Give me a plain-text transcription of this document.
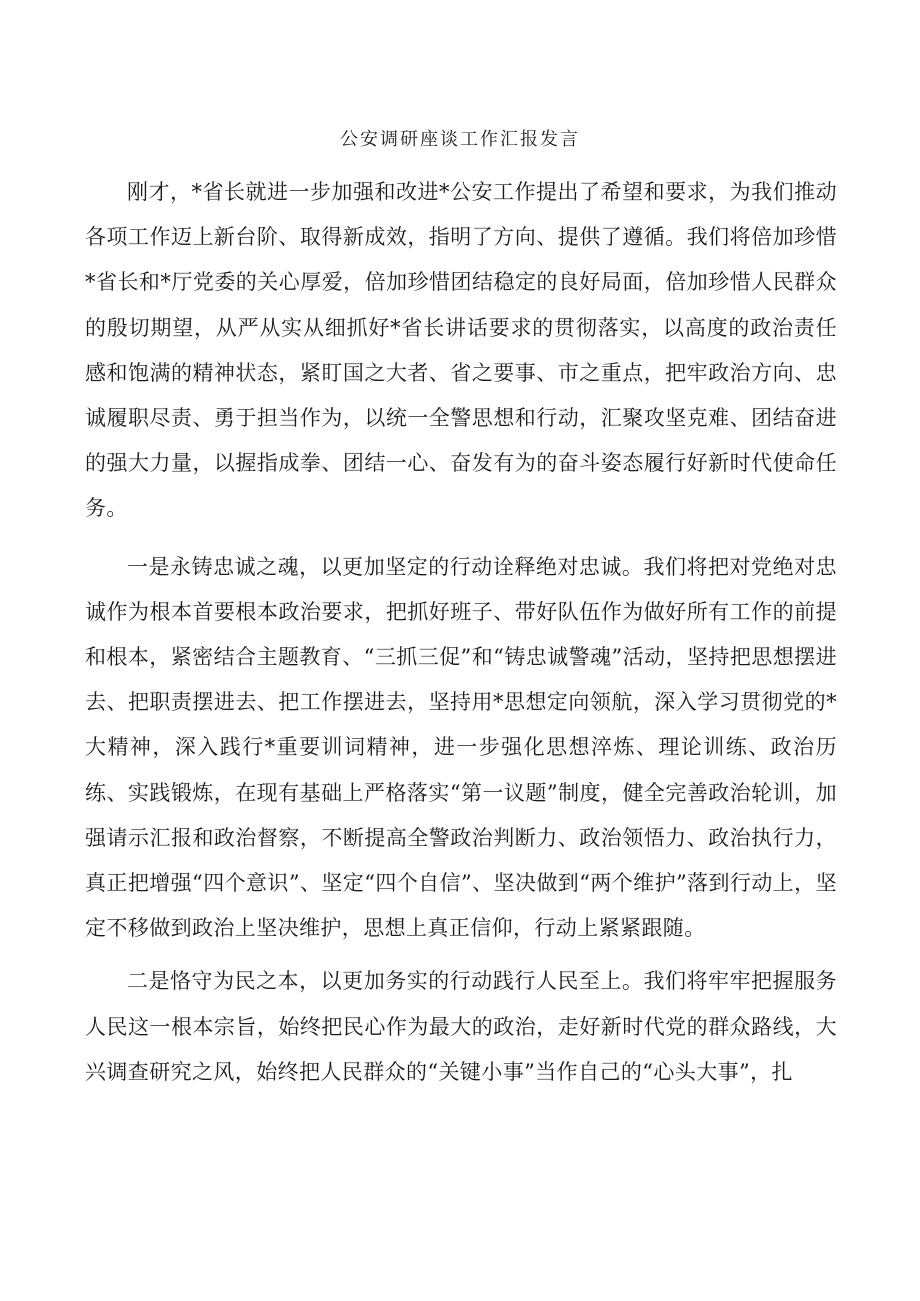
公安调研座谈工作汇报发言

刚才，*省长就进一步加强和改进*公安工作提出了希望和要求，为我们推动各项工作迈上新台阶、取得新成效，指明了方向、提供了遵循。我们将倍加珍惜*省长和*厅党委的关心厚爱，倍加珍惜团结稳定的良好局面，倍加珍惜人民群众的殷切期望，从严从实从细抓好*省长讲话要求的贯彻落实，以高度的政治责任感和饱满的精神状态，紧盯国之大者、省之要事、市之重点，把牢政治方向、忠诚履职尽责、勇于担当作为，以统一全警思想和行动，汇聚攻坚克难、团结奋进的强大力量，以握指成拳、团结一心、奋发有为的奋斗姿态履行好新时代使命任务。

一是永铸忠诚之魂，以更加坚定的行动诠释绝对忠诚。我们将把对党绝对忠诚作为根本首要根本政治要求，把抓好班子、带好队伍作为做好所有工作的前提和根本，紧密结合主题教育、“三抓三促”和“铸忠诚警魂”活动，坚持把思想摆进去、把职责摆进去、把工作摆进去，坚持用*思想定向领航，深入学习贯彻党的*大精神，深入践行*重要训词精神，进一步强化思想淬炼、理论训练、政治历练、实践锻炼，在现有基础上严格落实“第一议题”制度，健全完善政治轮训，加强请示汇报和政治督察，不断提高全警政治判断力、政治领悟力、政治执行力，真正把增强“四个意识”、坚定“四个自信”、坚决做到“两个维护”落到行动上，坚定不移做到政治上坚决维护，思想上真正信仰，行动上紧紧跟随。

二是恪守为民之本，以更加务实的行动践行人民至上。我们将牢牢把握服务人民这一根本宗旨，始终把民心作为最大的政治，走好新时代党的群众路线，大兴调查研究之风，始终把人民群众的“关键小事”当作自己的“心头大事”，扎
